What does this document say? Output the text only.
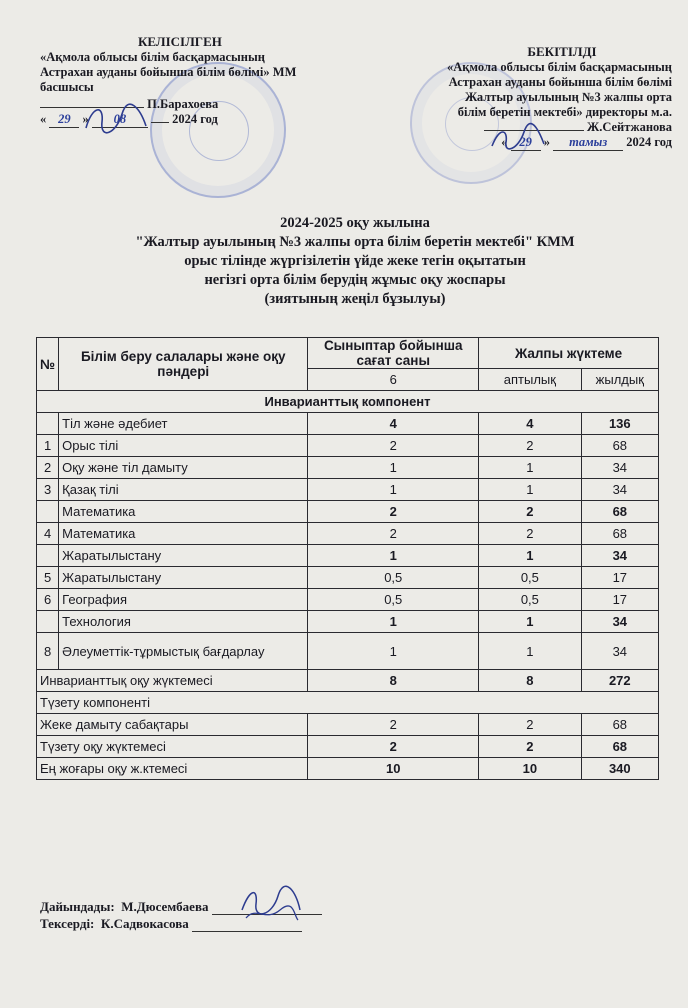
КЕЛІСІЛГЕН
«Ақмола облысы білім басқармасының
Астрахан ауданы бойынша білім бөлімі» ММ
басшысы
П.Барахоева
« 29 » 08	2024 год
БЕКІТІЛДІ
«Ақмола облысы білім басқармасының
Астрахан ауданы бойынша білім бөлімі
Жалтыр ауылының №3 жалпы орта
білім беретін мектебі» директоры м.а.
Ж.Сейтжанова
« 29 » тамыз 2024 год
2024-2025 оқу жылына
"Жалтыр ауылының №3 жалпы орта білім беретін мектебі" КММ
орыс тілінде жүргізілетін үйде жеке тегін оқытатын
негізгі орта білім берудің жұмыс оқу жоспары
(зиятының жеңіл бұзылуы)
№	Білім беру салалары және оқу пәндері	Сыныптар бойынша сағат саны	Жалпы жүктеме	
		6	аптылық	жылдық
Инварианттық компонент				
	Тіл және әдебиет	4	4	136
1	Орыс тілі	2	2	68
2	Оқу және тіл дамыту	1	1	34
3	Қазақ тілі	1	1	34
	Математика	2	2	68
4	Математика	2	2	68
	Жаратылыстану	1	1	34
5	Жаратылыстану	0,5	0,5	17
6	География	0,5	0,5	17
	Технология	1	1	34
8	Әлеуметтік-тұрмыстық бағдарлау	1	1	34
Инварианттық оқу жүктемесі		8	8	272
Түзету компоненті				
Жеке дамыту сабақтары		2	2	68
Түзету оқу жүктемесі		2	2	68
Ең жоғары оқу ж.ктемесі		10	10	340
Дайындады: М.Дюсембаева
Тексерді: К.Садвокасова
